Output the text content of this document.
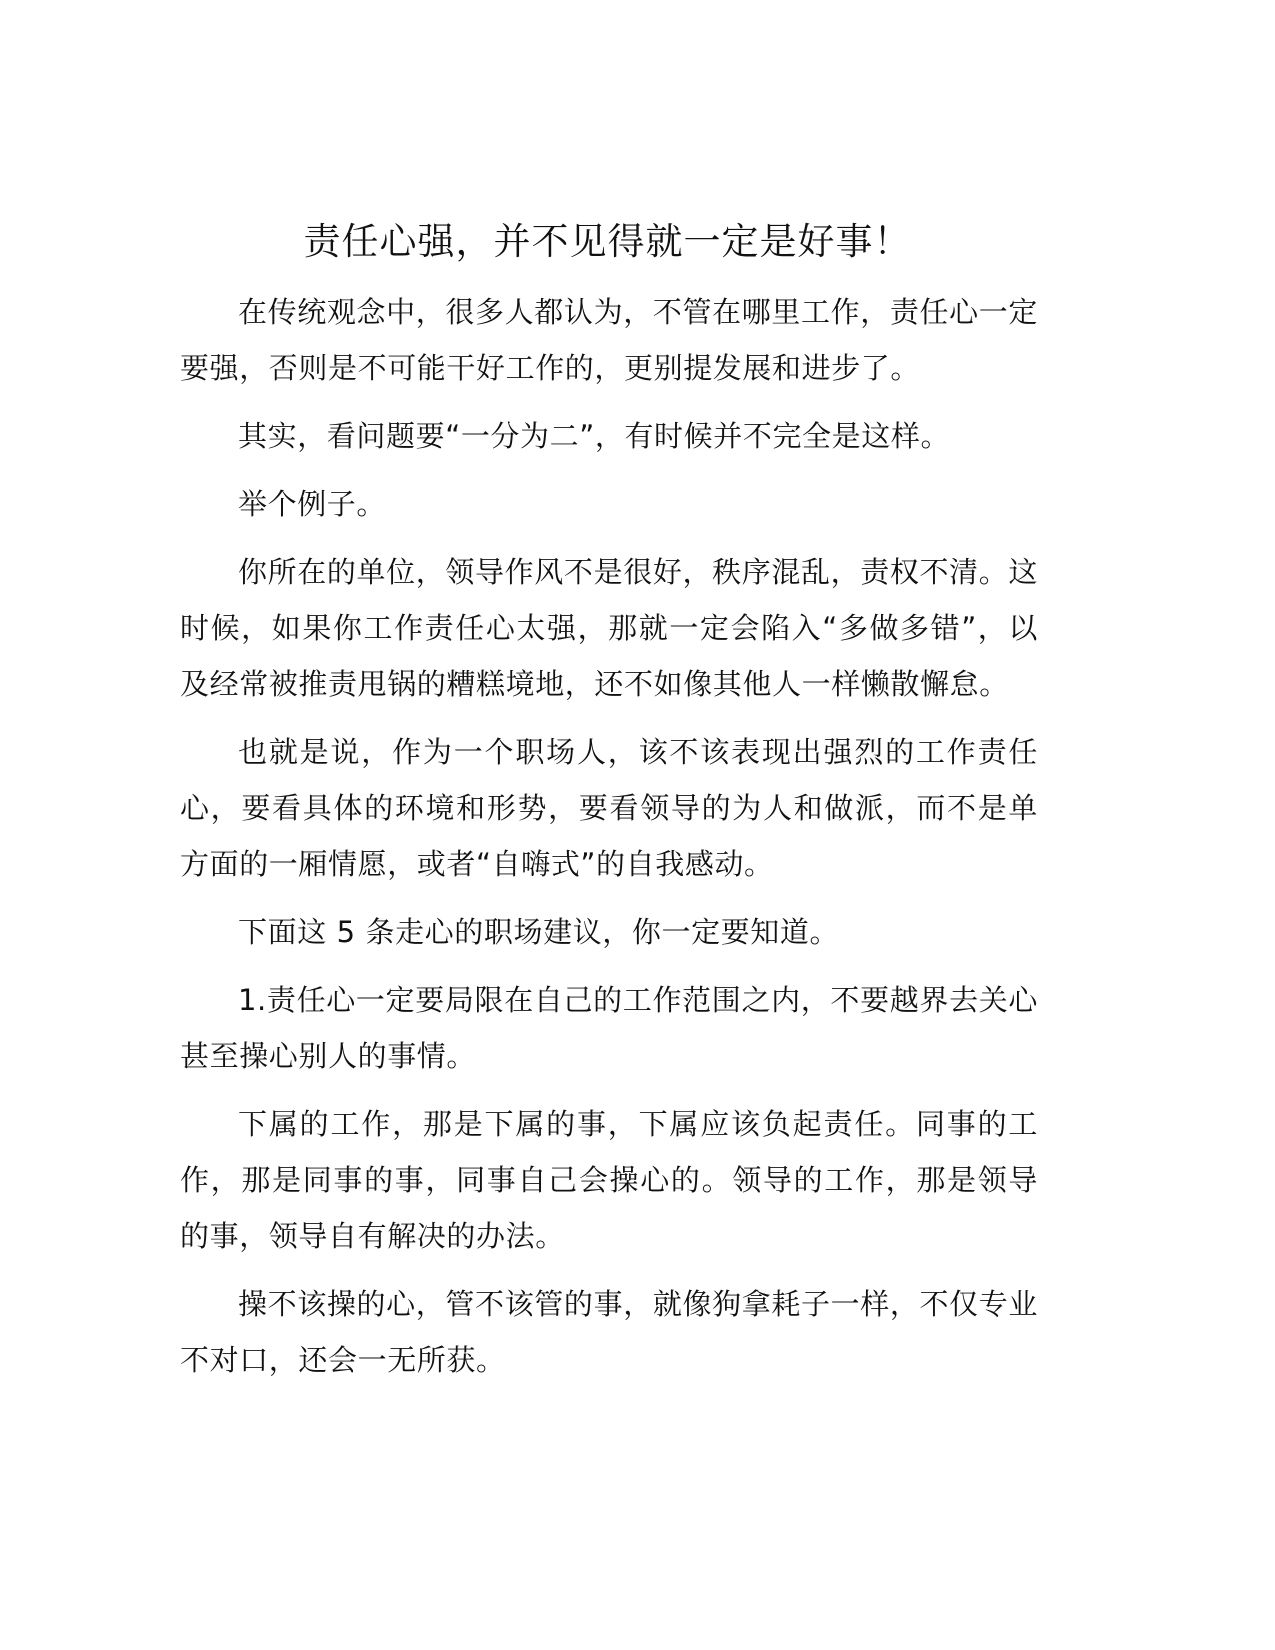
责任心强，并不见得就一定是好事！

在传统观念中，很多人都认为，不管在哪里工作，责任心一定要强，否则是不可能干好工作的，更别提发展和进步了。

其实，看问题要“一分为二”，有时候并不完全是这样。

举个例子。

你所在的单位，领导作风不是很好，秩序混乱，责权不清。这时候，如果你工作责任心太强，那就一定会陷入“多做多错”，以及经常被推责甩锅的糟糕境地，还不如像其他人一样懒散懈怠。

也就是说，作为一个职场人，该不该表现出强烈的工作责任心，要看具体的环境和形势，要看领导的为人和做派，而不是单方面的一厢情愿，或者“自嗨式”的自我感动。

下面这 5 条走心的职场建议，你一定要知道。

1.责任心一定要局限在自己的工作范围之内，不要越界去关心甚至操心别人的事情。

下属的工作，那是下属的事，下属应该负起责任。同事的工作，那是同事的事，同事自己会操心的。领导的工作，那是领导的事，领导自有解决的办法。

操不该操的心，管不该管的事，就像狗拿耗子一样，不仅专业不对口，还会一无所获。
